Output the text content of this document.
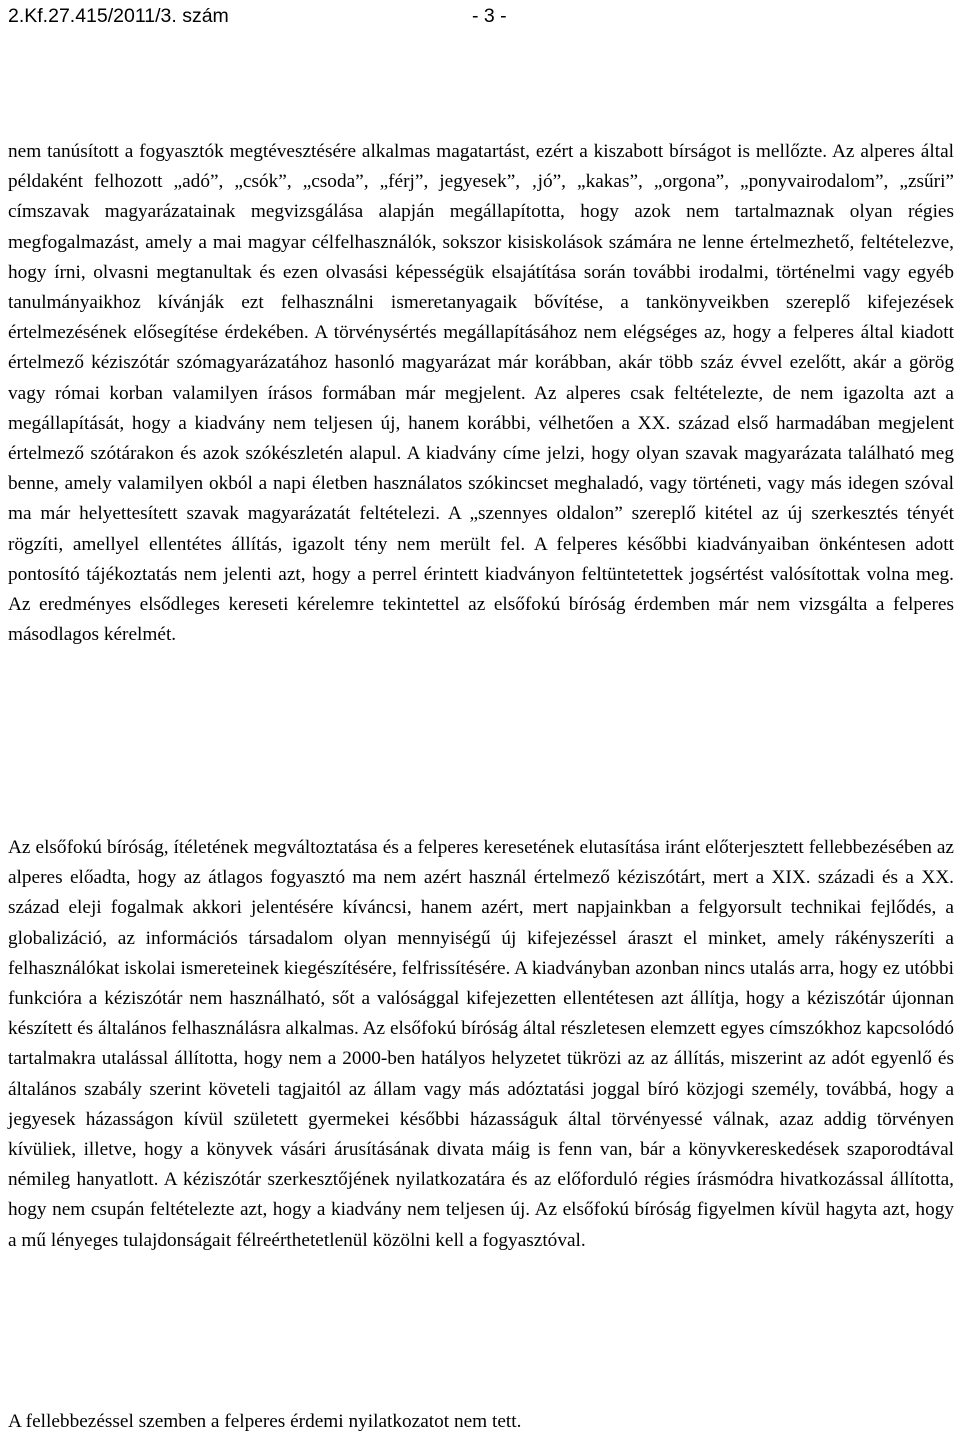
2.Kf.27.415/2011/3. szám	- 3 -

nem tanúsított a fogyasztók megtévesztésére alkalmas magatartást, ezért a kiszabott bírságot is mellőzte. Az alperes által példaként felhozott „adó”, „csók”, „csoda”, „férj”, jegyesek”, ‚jó”, „kakas”, „orgona”, „ponyvairodalom”, „zsűri” címszavak magyarázatainak megvizsgálása alapján megállapította, hogy azok nem tartalmaznak olyan régies megfogalmazást, amely a mai magyar célfelhasználók, sokszor kisiskolások számára ne lenne értelmezhető, feltételezve, hogy írni, olvasni megtanultak és ezen olvasási képességük elsajátítása során további irodalmi, történelmi vagy egyéb tanulmányaikhoz kívánják ezt felhasználni ismeretanyagaik bővítése, a tankönyveikben szereplő kifejezések értelmezésének elősegítése érdekében. A törvénysértés megállapításához nem elégséges az, hogy a felperes által kiadott értelmező kéziszótár szómagyarázatához hasonló magyarázat már korábban, akár több száz évvel ezelőtt, akár a görög vagy római korban valamilyen írásos formában már megjelent. Az alperes csak feltételezte, de nem igazolta azt a megállapítását, hogy a kiadvány nem teljesen új, hanem korábbi, vélhetően a XX. század első harmadában megjelent értelmező szótárakon és azok szókészletén alapul. A kiadvány címe jelzi, hogy olyan szavak magyarázata található meg benne, amely valamilyen okból a napi életben használatos szókincset meghaladó, vagy történeti, vagy más idegen szóval ma már helyettesített szavak magyarázatát feltételezi. A „szennyes oldalon” szereplő kitétel az új szerkesztés tényét rögzíti, amellyel ellentétes állítás, igazolt tény nem merült fel. A felperes későbbi kiadványaiban önkéntesen adott pontosító tájékoztatás nem jelenti azt, hogy a perrel érintett kiadványon feltüntetettek jogsértést valósítottak volna meg. Az eredményes elsődleges kereseti kérelemre tekintettel az elsőfokú bíróság érdemben már nem vizsgálta a felperes másodlagos kérelmét.

Az elsőfokú bíróság, ítéletének megváltoztatása és a felperes keresetének elutasítása iránt előterjesztett fellebbezésében az alperes előadta, hogy az átlagos fogyasztó ma nem azért használ értelmező kéziszótárt, mert a XIX. századi és a XX. század eleji fogalmak akkori jelentésére kíváncsi, hanem azért, mert napjainkban a felgyorsult technikai fejlődés, a globalizáció, az információs társadalom olyan mennyiségű új kifejezéssel áraszt el minket, amely rákényszeríti a felhasználókat iskolai ismereteinek kiegészítésére, felfrissítésére. A kiadványban azonban nincs utalás arra, hogy ez utóbbi funkcióra a kéziszótár nem használható, sőt a valósággal kifejezetten ellentétesen azt állítja, hogy a kéziszótár újonnan készített és általános felhasználásra alkalmas. Az elsőfokú bíróság által részletesen elemzett egyes címszókhoz kapcsolódó tartalmakra utalással állította, hogy nem a 2000-ben hatályos helyzetet tükrözi az az állítás, miszerint az adót egyenlő és általános szabály szerint követeli tagjaitól az állam vagy más adóztatási joggal bíró közjogi személy, továbbá, hogy a jegyesek házasságon kívül született gyermekei későbbi házasságuk által törvényessé válnak, azaz addig törvényen kívüliek, illetve, hogy a könyvek vásári árusításának divata máig is fenn van, bár a könyvkereskedések szaporodtával némileg hanyatlott. A kéziszótár szerkesztőjének nyilatkozatára és az előforduló régies írásmódra hivatkozással állította, hogy nem csupán feltételezte azt, hogy a kiadvány nem teljesen új. Az elsőfokú bíróság figyelmen kívül hagyta azt, hogy a mű lényeges tulajdonságait félreérthetetlenül közölni kell a fogyasztóval.

A fellebbezéssel szemben a felperes érdemi nyilatkozatot nem tett.
